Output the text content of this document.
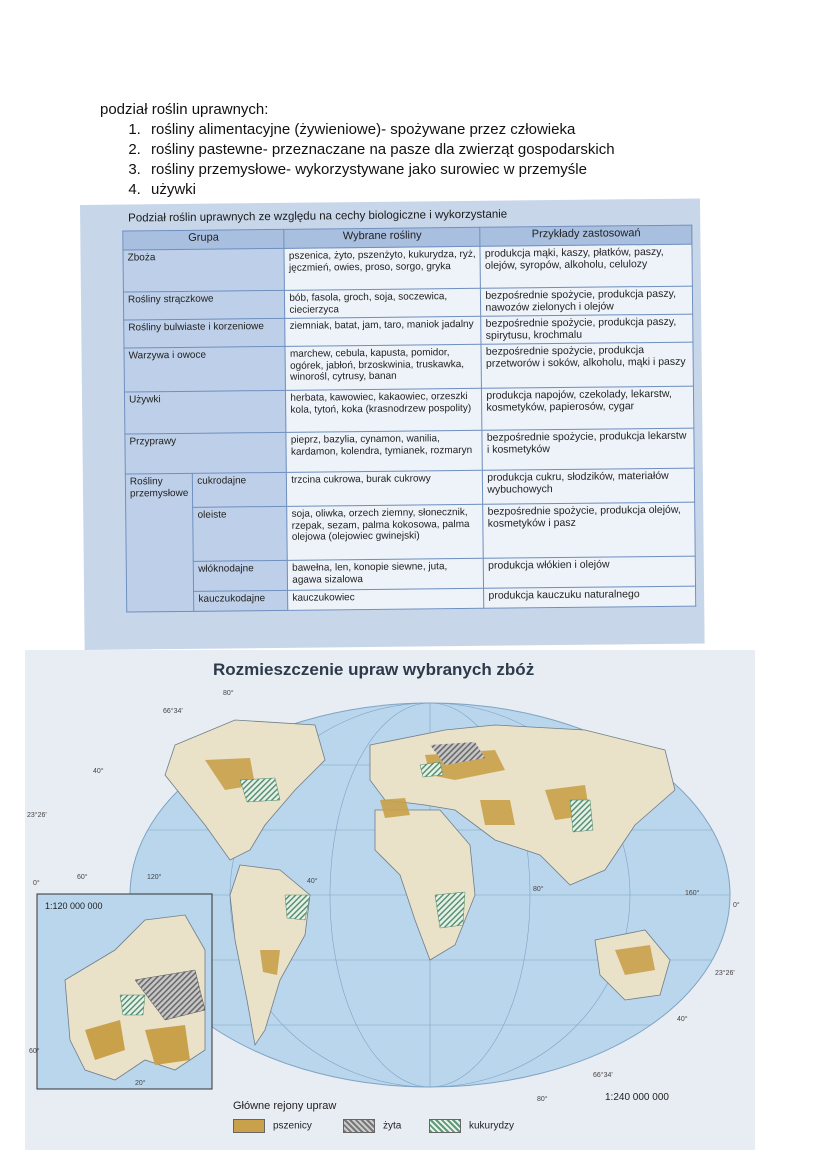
podział roślin uprawnych:
1. rośliny alimentacyjne (żywieniowe)- spożywane przez człowieka
2. rośliny pastewne- przeznaczane na pasze dla zwierząt gospodarskich
3. rośliny przemysłowe- wykorzystywane jako surowiec w przemyśle
4. używki
Podział roślin uprawnych ze względu na cechy biologiczne i wykorzystanie
Grupa		Wybrane rośliny	Przykłady zastosowań
Zboża		pszenica, żyto, pszenżyto, kukurydza, ryż, jęczmień, owies, proso, sorgo, gryka	produkcja mąki, kaszy, płatków, paszy, olejów, syropów, alkoholu, celulozy
Rośliny strączkowe		bób, fasola, groch, soja, soczewica, ciecierzyca	bezpośrednie spożycie, produkcja paszy, nawozów zielonych i olejów
Rośliny bulwiaste i korzeniowe		ziemniak, batat, jam, taro, maniok jadalny	bezpośrednie spożycie, produkcja paszy, spirytusu, krochmalu
Warzywa i owoce		marchew, cebula, kapusta, pomidor, ogórek, jabłoń, brzoskwinia, truskawka, winorośl, cytrusy, banan	bezpośrednie spożycie, produkcja przetworów i soków, alkoholu, mąki i paszy
Używki		herbata, kawowiec, kakaowiec, orzeszki kola, tytoń, koka (krasnodrzew pospolity)	produkcja napojów, czekolady, lekarstw, kosmetyków, papierosów, cygar
Przyprawy		pieprz, bazylia, cynamon, wanilia, kardamon, kolendra, tymianek, rozmaryn	bezpośrednie spożycie, produkcja lekarstw i kosmetyków
Rośliny przemysłowe	cukrodajne	trzcina cukrowa, burak cukrowy	produkcja cukru, słodzików, materiałów wybuchowych
	oleiste	soja, oliwka, orzech ziemny, słonecznik, rzepak, sezam, palma kokosowa, palma olejowa (olejowiec gwinejski)	bezpośrednie spożycie, produkcja olejów, kosmetyków i pasz
	włóknodajne	bawełna, len, konopie siewne, juta, agawa sizalowa	produkcja włókien i olejów
	kauczukodajne	kauczukowiec	produkcja kauczuku naturalnego
Rozmieszczenie upraw wybranych zbóż
1:120 000 000
1:240 000 000
80°
66°34'
40°
23°26'
0°
120°
60°
40°
80°
160°
0°
23°26'
40°
66°34'
80°
60°
20°
Główne rejony upraw
pszenicy	żyta	kukurydzy
